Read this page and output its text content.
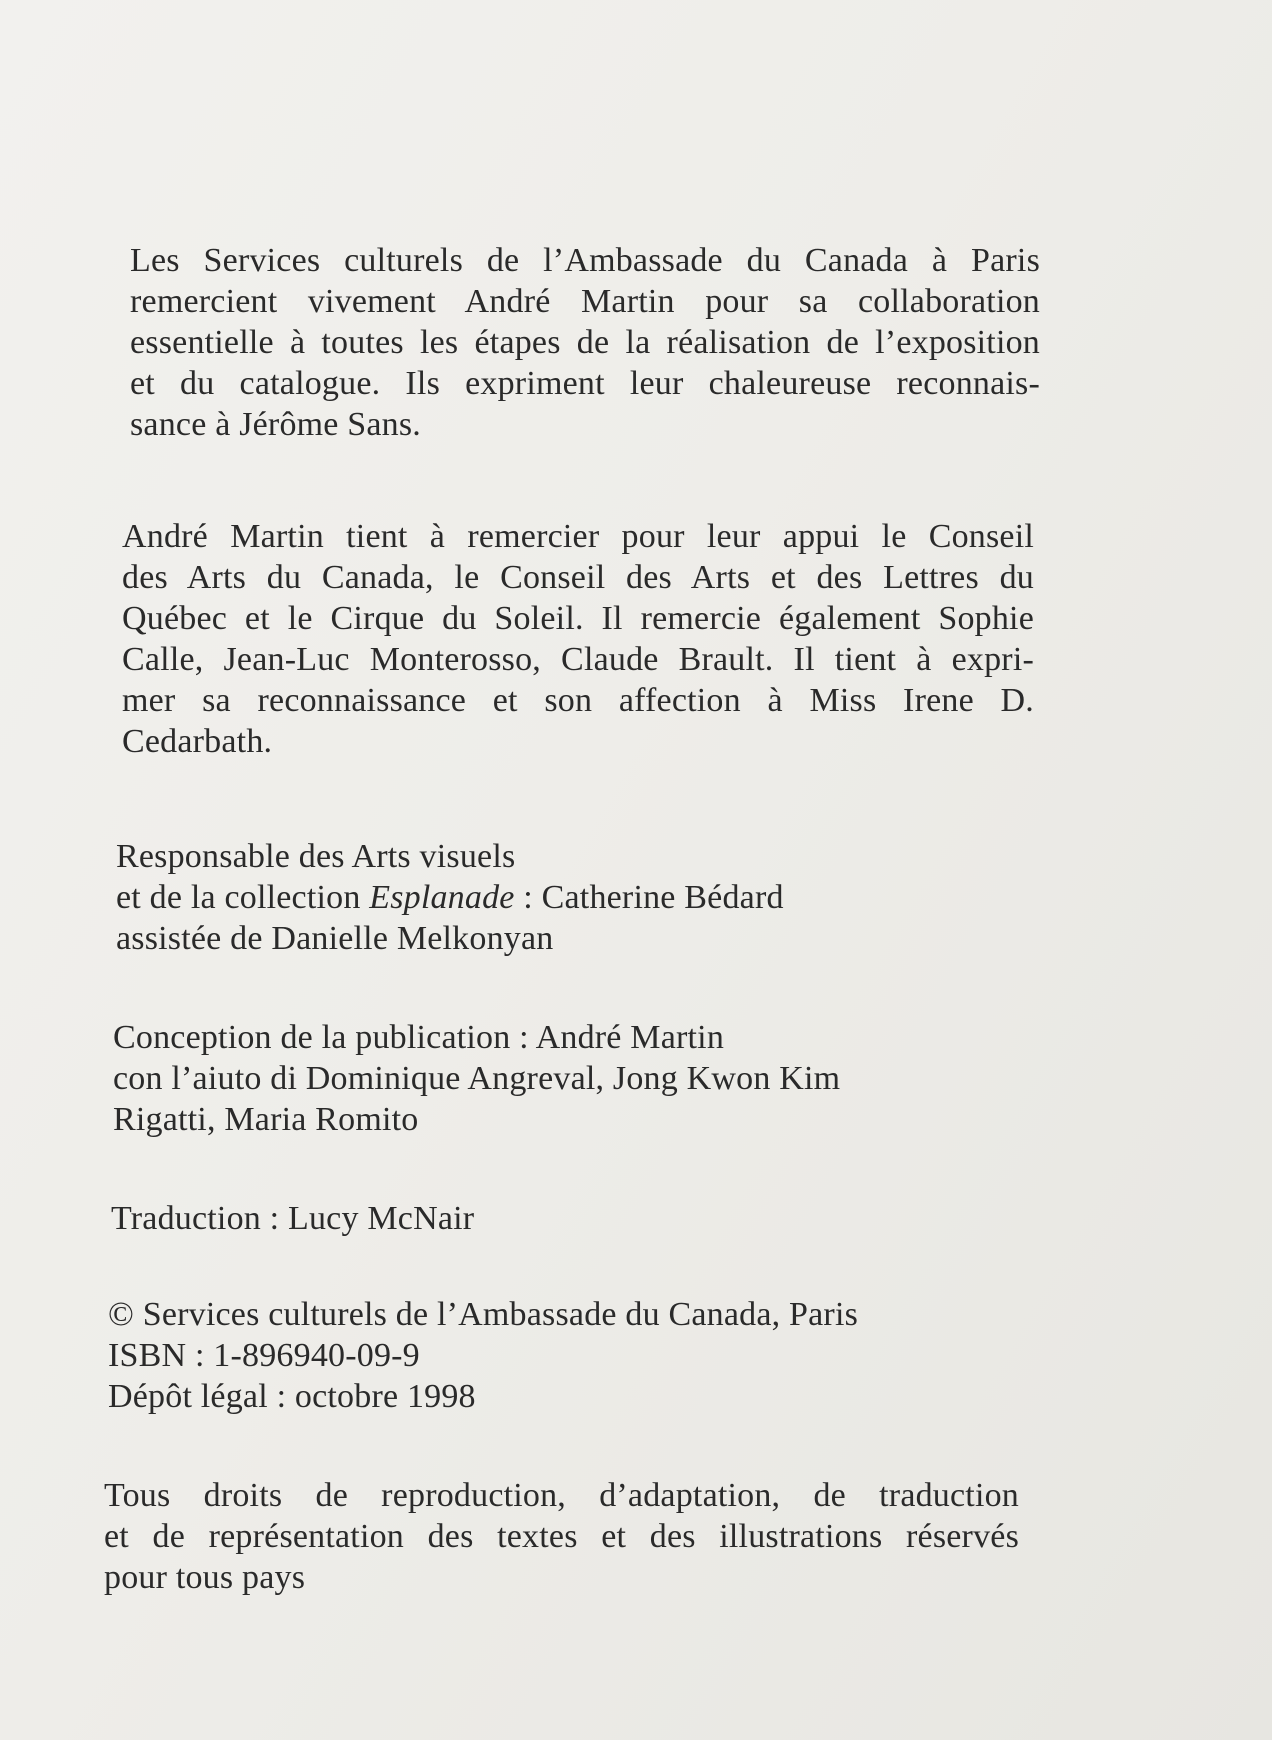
Les Services culturels de l’Ambassade du Canada à Paris
remercient vivement André Martin pour sa collaboration
essentielle à toutes les étapes de la réalisation de l’exposition
et du catalogue. Ils expriment leur chaleureuse reconnais-
sance à Jérôme Sans.
André Martin tient à remercier pour leur appui le Conseil
des Arts du Canada, le Conseil des Arts et des Lettres du
Québec et le Cirque du Soleil. Il remercie également Sophie
Calle, Jean-Luc Monterosso, Claude Brault. Il tient à expri-
mer sa reconnaissance et son affection à Miss Irene D.
Cedarbath.
Responsable des Arts visuels
et de la collection Esplanade : Catherine Bédard
assistée de Danielle Melkonyan
Conception de la publication : André Martin
con l’aiuto di Dominique Angreval, Jong Kwon Kim
Rigatti, Maria Romito
Traduction : Lucy McNair
© Services culturels de l’Ambassade du Canada, Paris
ISBN : 1-896940-09-9
Dépôt légal : octobre 1998
Tous droits de reproduction, d’adaptation, de traduction
et de représentation des textes et des illustrations réservés
pour tous pays
